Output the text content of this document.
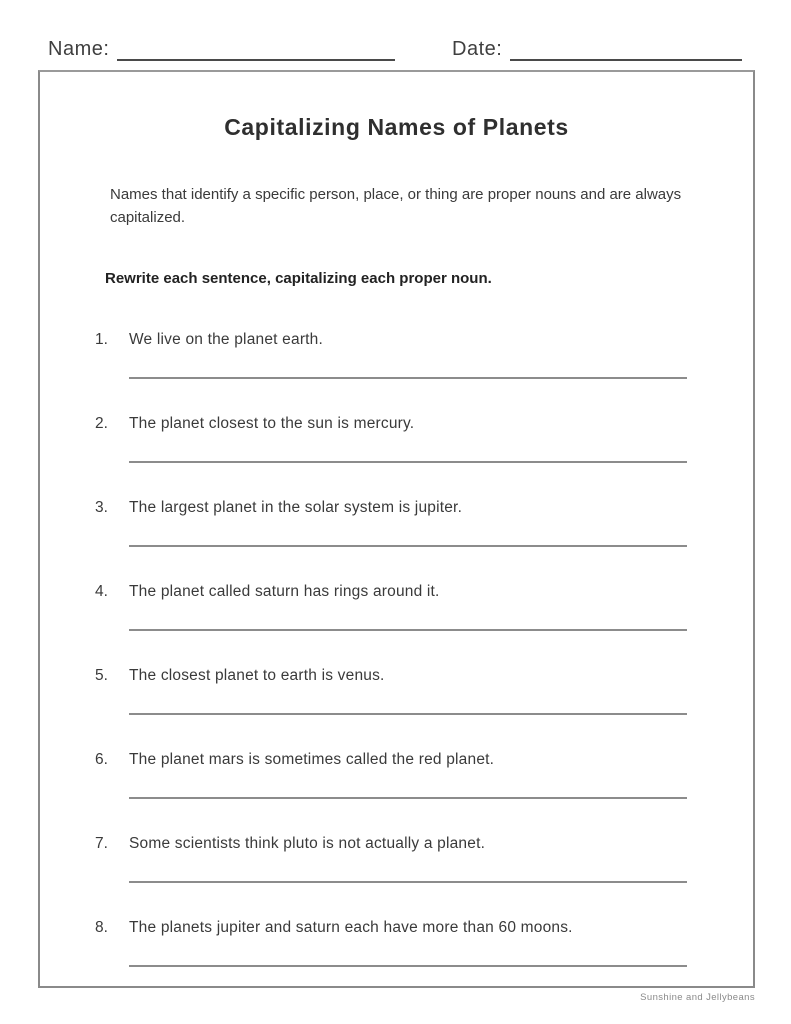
Name:	Date:
Capitalizing Names of Planets
Names that identify a specific person, place, or thing are proper nouns and are always capitalized.
Rewrite each sentence, capitalizing each proper noun.
1.	We live on the planet earth.
2.	The planet closest to the sun is mercury.
3.	The largest planet in the solar system is jupiter.
4.	The planet called saturn has rings around it.
5.	The closest planet to earth is venus.
6.	The planet mars is sometimes called the red planet.
7.	Some scientists think pluto is not actually a planet.
8.	The planets jupiter and saturn each have more than 60 moons.
Sunshine and Jellybeans
